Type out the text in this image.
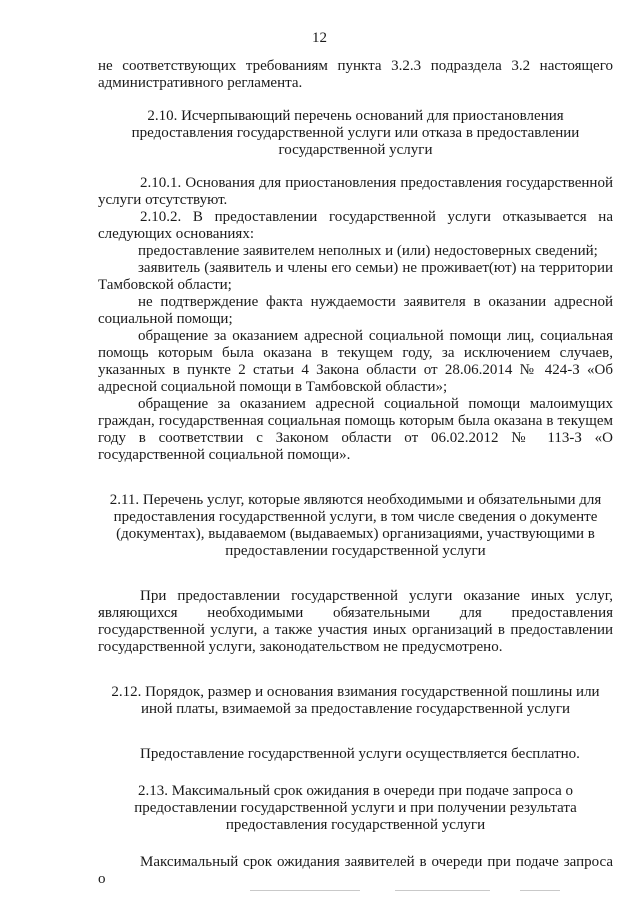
12

не соответствующих требованиям пункта 3.2.3 подраздела 3.2 настоящего административного регламента.

2.10. Исчерпывающий перечень оснований для приостановления предоставления государственной услуги или отказа в предоставлении государственной услуги

2.10.1. Основания для приостановления предоставления государственной услуги отсутствуют.

2.10.2. В предоставлении государственной услуги отказывается на следующих основаниях:

предоставление заявителем неполных и (или) недостоверных сведений;

заявитель (заявитель и члены его семьи) не проживает(ют) на территории Тамбовской области;

не подтверждение факта нуждаемости заявителя в оказании адресной социальной помощи;

обращение за оказанием адресной социальной помощи лиц, социальная помощь которым была оказана в текущем году, за исключением случаев, указанных в пункте 2 статьи 4 Закона области от 28.06.2014 № 424-З «Об адресной социальной помощи в Тамбовской области»;

обращение за оказанием адресной социальной помощи малоимущих граждан, государственная социальная помощь которым была оказана в текущем году в соответствии с Законом области от 06.02.2012 № 113-З «О государственной социальной помощи».

2.11. Перечень услуг, которые являются необходимыми и обязательными для предоставления государственной услуги, в том числе сведения о документе (документах), выдаваемом (выдаваемых) организациями, участвующими в предоставлении государственной услуги

При предоставлении государственной услуги оказание иных услуг, являющихся необходимыми обязательными для предоставления государственной услуги, а также участия иных организаций в предоставлении государственной услуги, законодательством не предусмотрено.

2.12. Порядок, размер и основания взимания государственной пошлины или иной платы, взимаемой за предоставление государственной услуги

Предоставление государственной услуги осуществляется бесплатно.

2.13. Максимальный срок ожидания в очереди при подаче запроса о предоставлении государственной услуги и при получении результата предоставления государственной услуги

Максимальный срок ожидания заявителей в очереди при подаче запроса о
